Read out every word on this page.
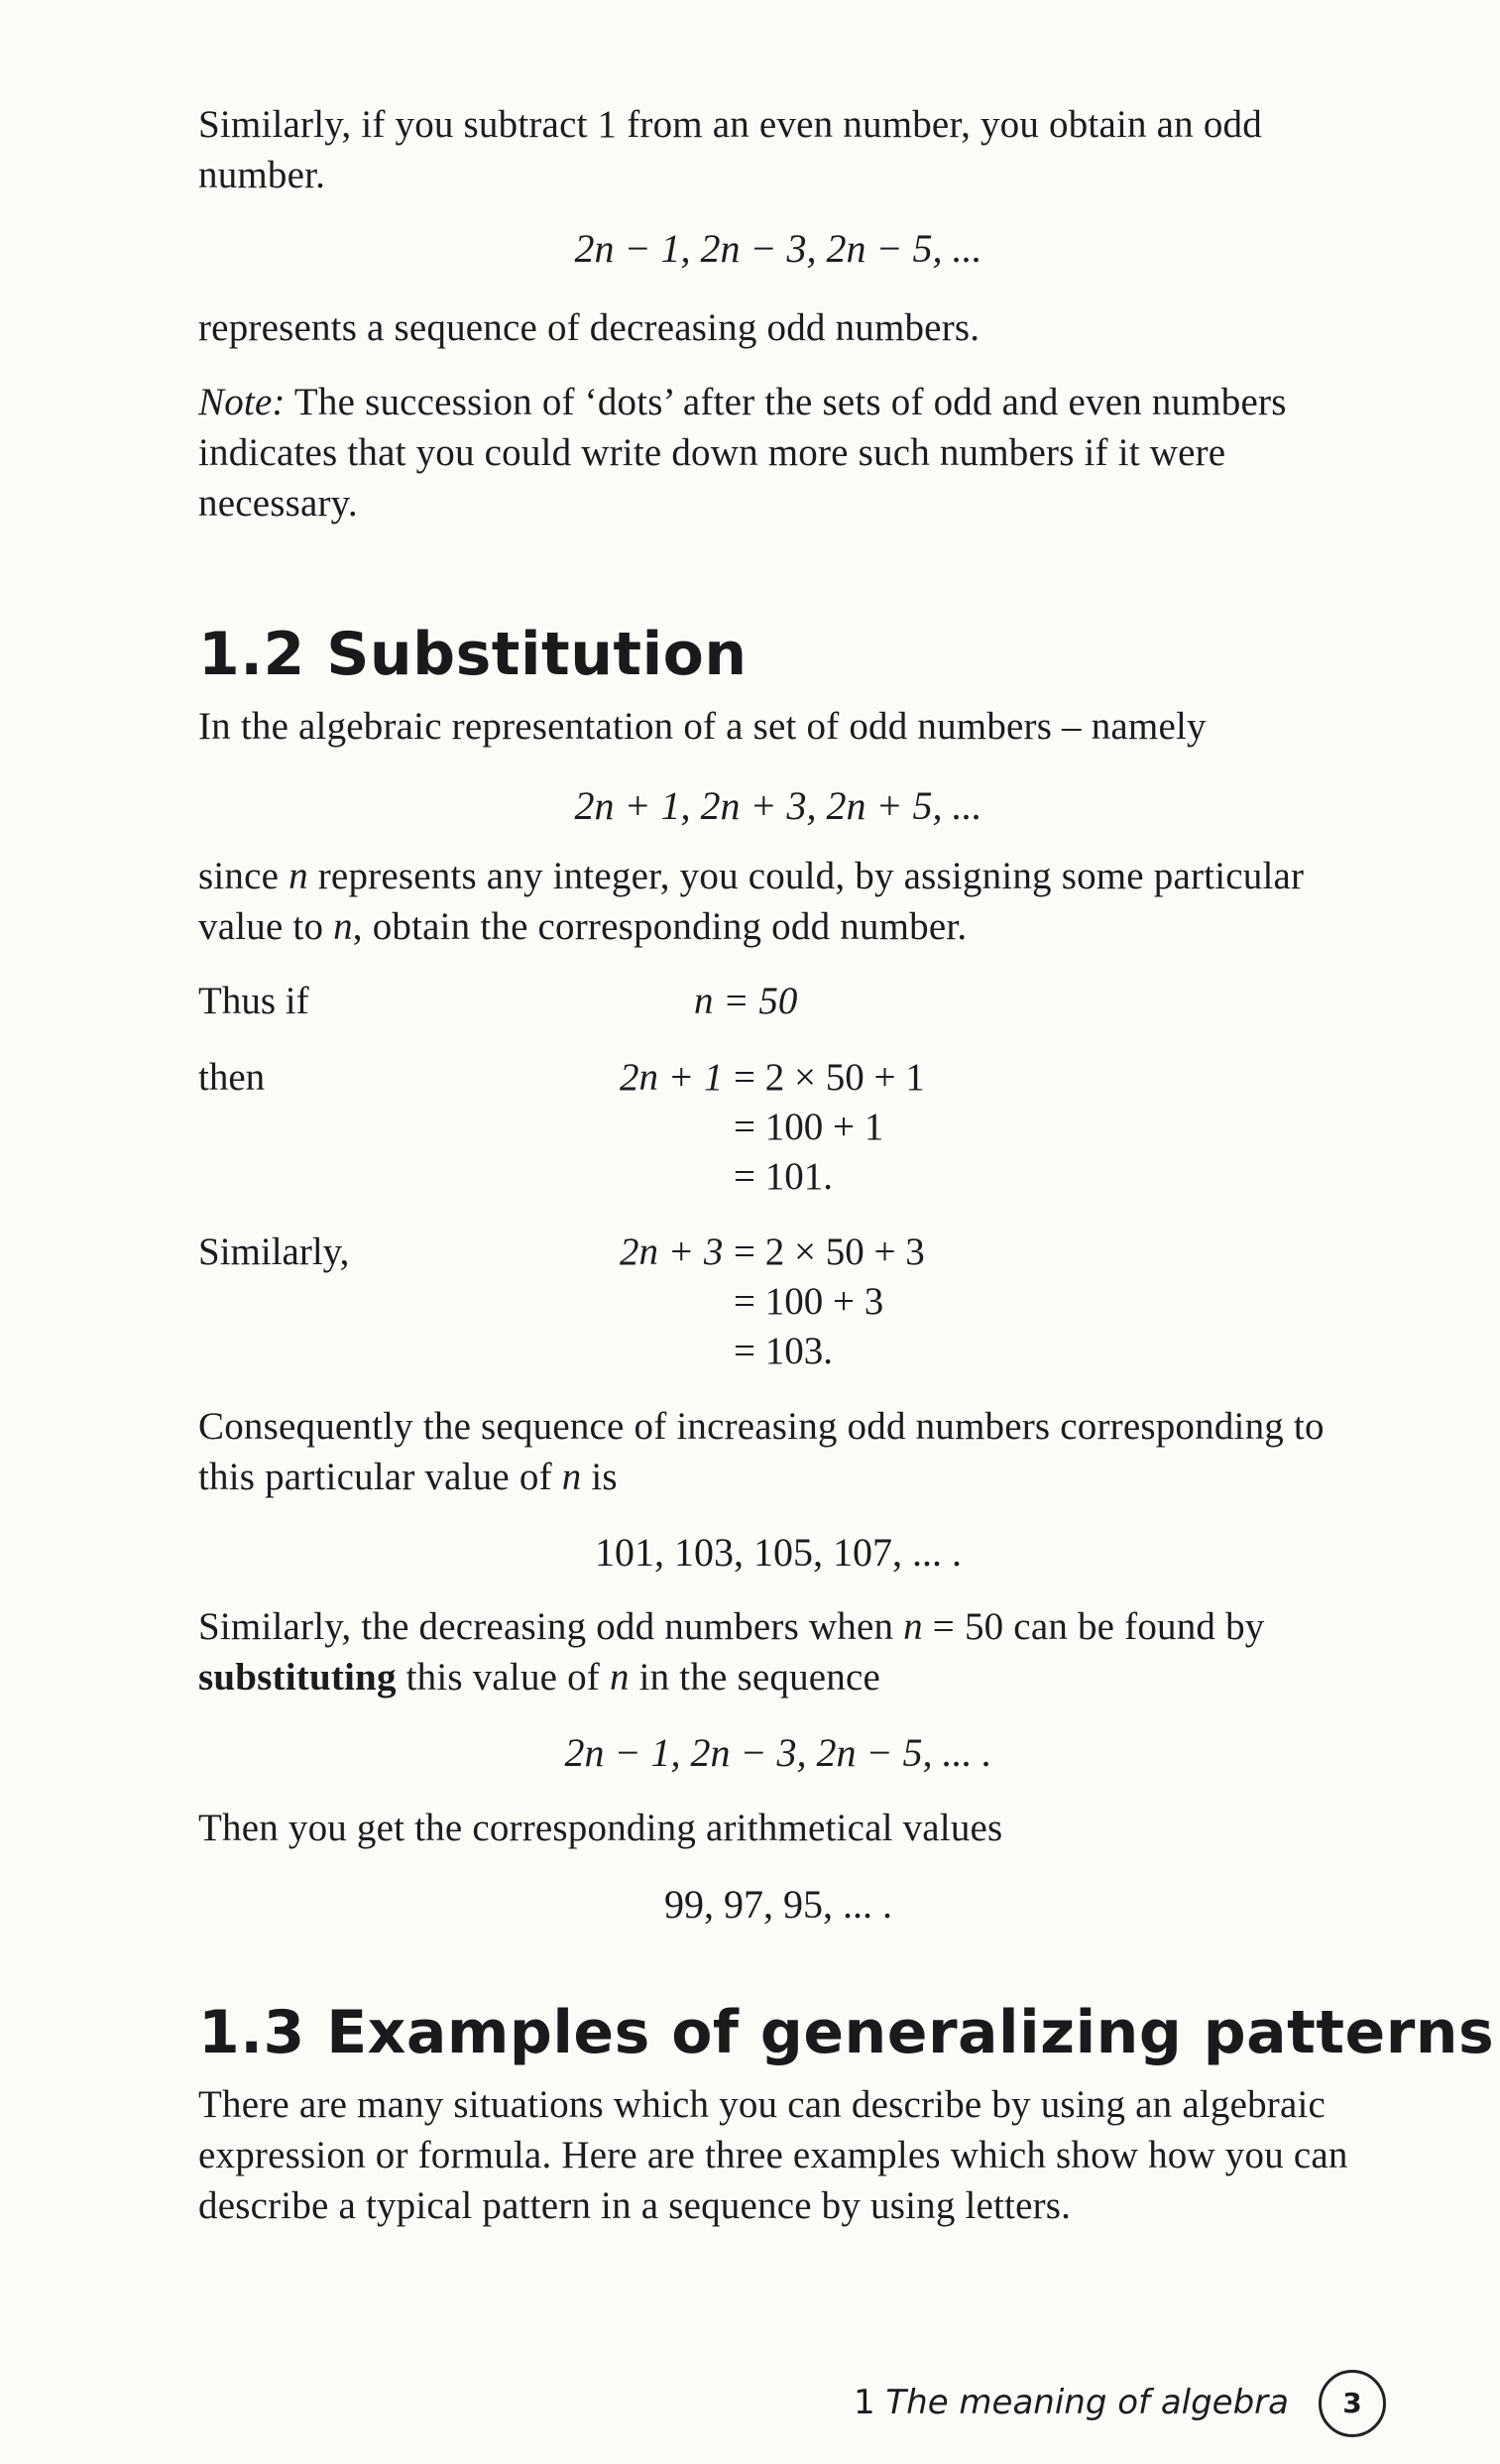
Similarly, if you subtract 1 from an even number, you obtain an odd number.

2n − 1, 2n − 3, 2n − 5, ...

represents a sequence of decreasing odd numbers.

Note: The succession of ‘dots’ after the sets of odd and even numbers indicates that you could write down more such numbers if it were necessary.

1.2 Substitution

In the algebraic representation of a set of odd numbers – namely

2n + 1, 2n + 3, 2n + 5, ...

since n represents any integer, you could, by assigning some particular value to n, obtain the corresponding odd number.

Thus if	n = 50
then	2n + 1 = 2 × 50 + 1
= 100 + 1
= 101.
Similarly,	2n + 3 = 2 × 50 + 3
= 100 + 3
= 103.

Consequently the sequence of increasing odd numbers corresponding to this particular value of n is

101, 103, 105, 107, ... .

Similarly, the decreasing odd numbers when n = 50 can be found by substituting this value of n in the sequence

2n − 1, 2n − 3, 2n − 5, ... .

Then you get the corresponding arithmetical values

99, 97, 95, ... .

1.3 Examples of generalizing patterns

There are many situations which you can describe by using an algebraic expression or formula. Here are three examples which show how you can describe a typical pattern in a sequence by using letters.

1 The meaning of algebra	3
